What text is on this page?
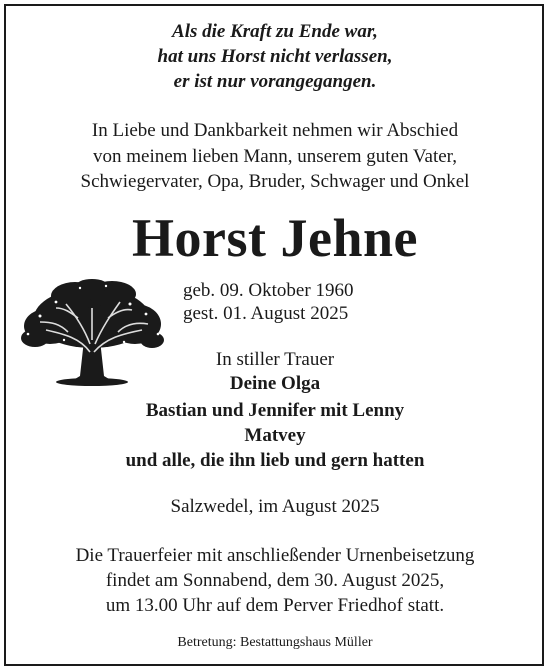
Als die Kraft zu Ende war,
hat uns Horst nicht verlassen,
er ist nur vorangegangen.
In Liebe und Dankbarkeit nehmen wir Abschied
von meinem lieben Mann, unserem guten Vater,
Schwiegervater, Opa, Bruder, Schwager und Onkel
Horst Jehne
geb. 09. Oktober 1960
gest. 01. August 2025
In stiller Trauer
Deine Olga
Bastian und Jennifer mit Lenny
Matvey
und alle, die ihn lieb und gern hatten
Salzwedel, im August 2025
Die Trauerfeier mit anschließender Urnenbeisetzung
findet am Sonnabend, dem 30. August 2025,
um 13.00 Uhr auf dem Perver Friedhof statt.
Betretung: Bestattungshaus Müller
